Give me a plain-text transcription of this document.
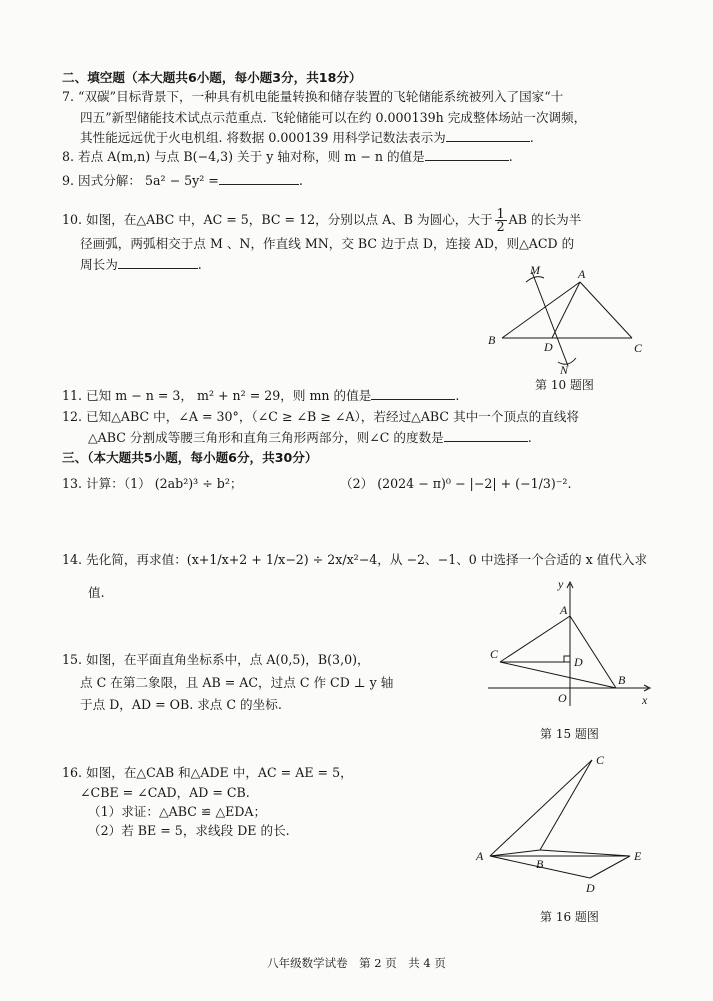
二、填空题（本大题共6小题，每小题3分，共18分）
7. “双碳”目标背景下，一种具有机电能量转换和储存装置的飞轮储能系统被列入了国家“十
四五”新型储能技术试点示范重点. 飞轮储能可以在约 0.000139h 完成整体场站一次调频，
其性能远远优于火电机组. 将数据 0.000139 用科学记数法表示为	.
8. 若点 A(m,n) 与点 B(−4,3) 关于 y 轴对称，则 m − n 的值是	.
9. 因式分解： 5a² − 5y² =	.
10. 如图，在△ABC 中，AC = 5，BC = 12，分别以点 A、B 为圆心，大于 $\frac{1}{2}$ AB 的长为半
径画弧，两弧相交于点 M 、N，作直线 MN，交 BC 边于点 D，连接 AD，则△ACD 的
周长为	.	M	A
B	D	C
N
第 10 题图
11. 已知 m − n = 3， m² + n² = 29，则 mn 的值是	.
12. 已知△ABC 中，∠A = 30°，（∠C ≥ ∠B ≥ ∠A），若经过△ABC 其中一个顶点的直线将
△ABC 分割成等腰三角形和直角三角形两部分，则∠C 的度数是	.
三、（本大题共5小题，每小题6分，共30分）
13. 计算：（1） (2ab²)³ ÷ b²；	（2） (2024 − π)⁰ − |−2| + (−1/3)⁻².
14. 先化简，再求值：(x+1/x+2 + 1/x−2) ÷ 2x/x²−4，从 −2、−1、0 中选择一个合适的 x 值代入求
值.
15. 如图，在平面直角坐标系中，点 A(0,5)，B(3,0)，
点 C 在第二象限，且 AB = AC，过点 C 作 CD ⊥ y 轴
于点 D，AD = OB. 求点 C 的坐标.
y
A
C
D
O
B
x
第 15 题图
16. 如图，在△CAB 和△ADE 中，AC = AE = 5，
∠CBE = ∠CAD，AD = CB.
（1）求证：△ABC ≌ △EDA；
（2）若 BE = 5，求线段 DE 的长.
C
A
B
E
D
第 16 题图
八年级数学试卷　第 2 页　共 4 页
